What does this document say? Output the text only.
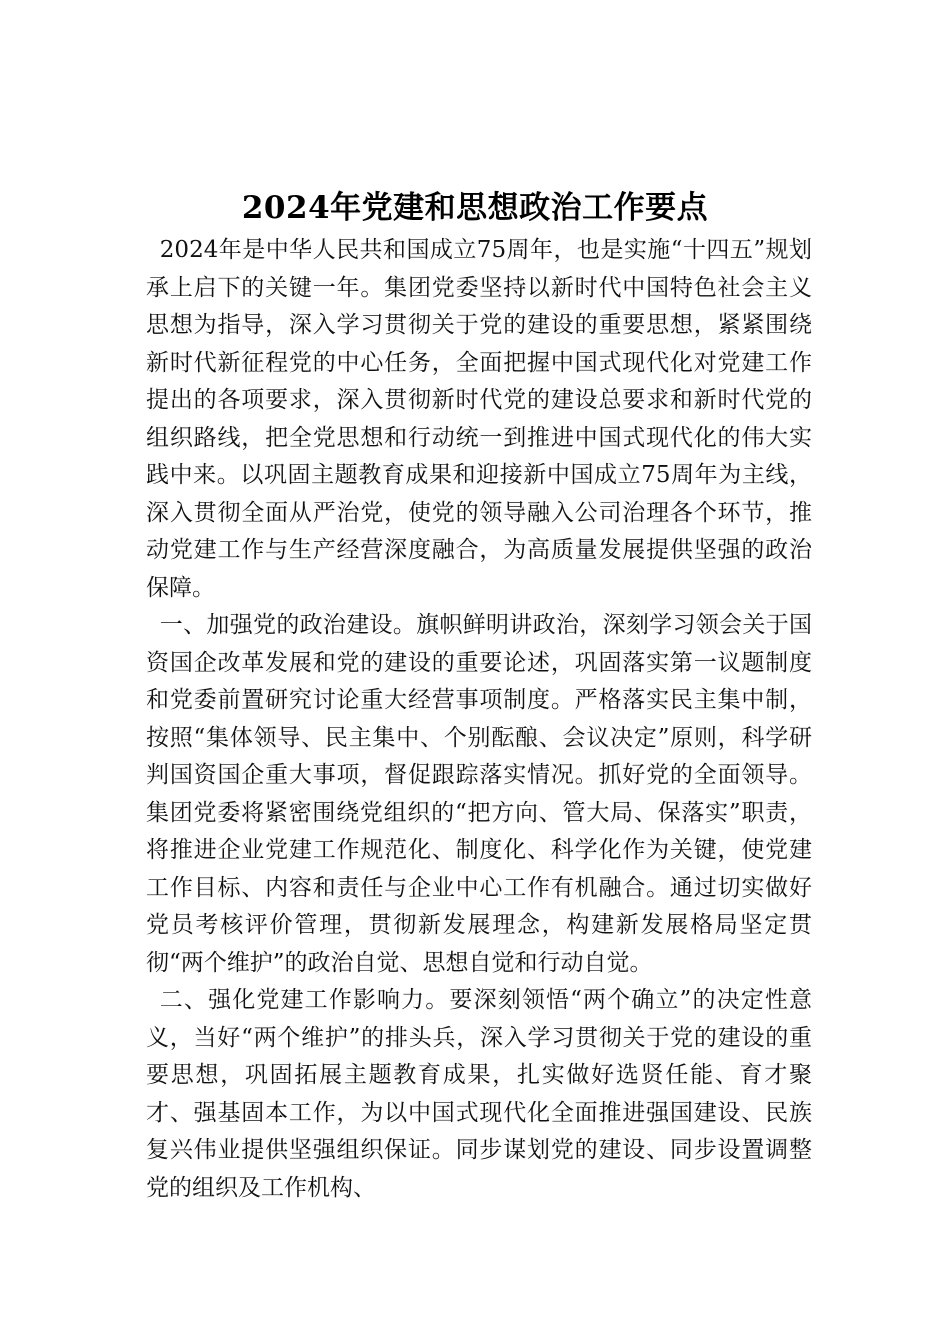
2024年党建和思想政治工作要点

2024年是中华人民共和国成立75周年，也是实施“十四五”规划承上启下的关键一年。集团党委坚持以新时代中国特色社会主义思想为指导，深入学习贯彻关于党的建设的重要思想，紧紧围绕新时代新征程党的中心任务，全面把握中国式现代化对党建工作提出的各项要求，深入贯彻新时代党的建设总要求和新时代党的组织路线，把全党思想和行动统一到推进中国式现代化的伟大实践中来。以巩固主题教育成果和迎接新中国成立75周年为主线，深入贯彻全面从严治党，使党的领导融入公司治理各个环节，推动党建工作与生产经营深度融合，为高质量发展提供坚强的政治保障。

一、加强党的政治建设。旗帜鲜明讲政治，深刻学习领会关于国资国企改革发展和党的建设的重要论述，巩固落实第一议题制度和党委前置研究讨论重大经营事项制度。严格落实民主集中制，按照“集体领导、民主集中、个别酝酿、会议决定”原则，科学研判国资国企重大事项，督促跟踪落实情况。抓好党的全面领导。集团党委将紧密围绕党组织的“把方向、管大局、保落实”职责，将推进企业党建工作规范化、制度化、科学化作为关键，使党建工作目标、内容和责任与企业中心工作有机融合。通过切实做好党员考核评价管理，贯彻新发展理念，构建新发展格局坚定贯彻“两个维护”的政治自觉、思想自觉和行动自觉。

二、强化党建工作影响力。要深刻领悟“两个确立”的决定性意义，当好“两个维护”的排头兵，深入学习贯彻关于党的建设的重要思想，巩固拓展主题教育成果，扎实做好选贤任能、育才聚才、强基固本工作，为以中国式现代化全面推进强国建设、民族复兴伟业提供坚强组织保证。同步谋划党的建设、同步设置调整党的组织及工作机构、
